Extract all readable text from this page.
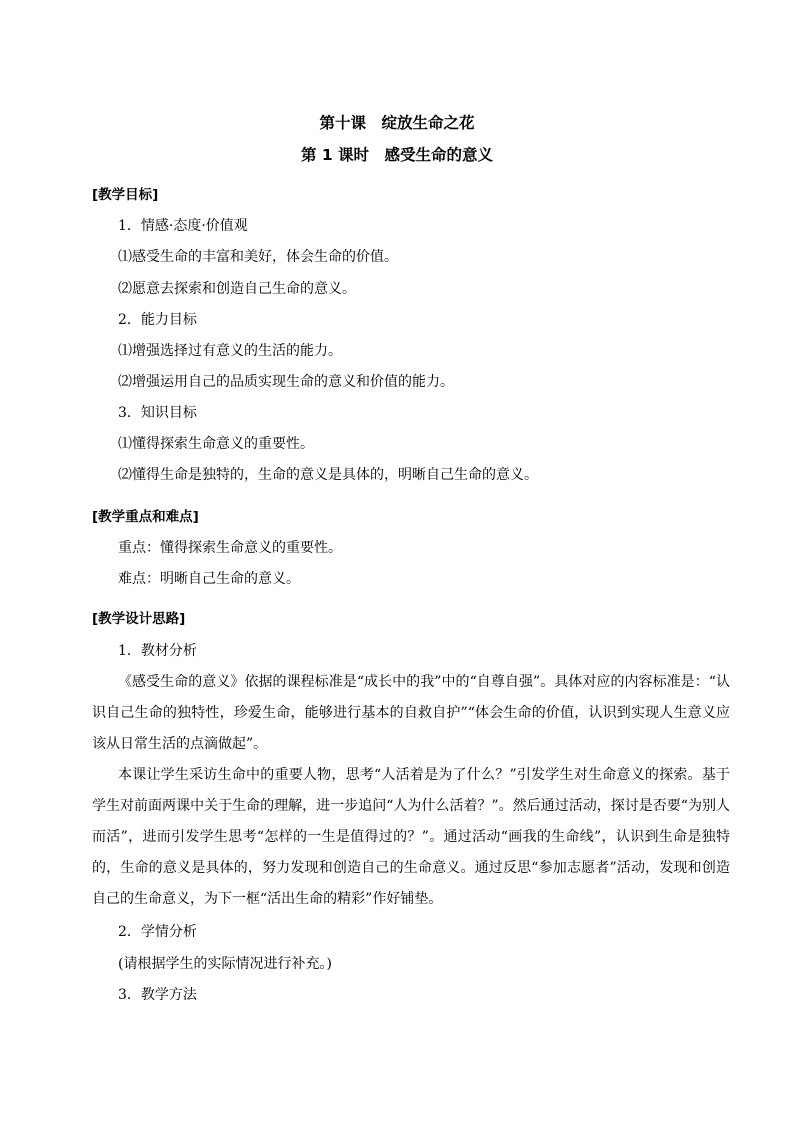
第十课　绽放生命之花
第 1 课时　感受生命的意义
[教学目标]
1．情感·态度·价值观
⑴感受生命的丰富和美好，体会生命的价值。
⑵愿意去探索和创造自己生命的意义。
2．能力目标
⑴增强选择过有意义的生活的能力。
⑵增强运用自己的品质实现生命的意义和价值的能力。
3．知识目标
⑴懂得探索生命意义的重要性。
⑵懂得生命是独特的，生命的意义是具体的，明晰自己生命的意义。
[教学重点和难点]
重点：懂得探索生命意义的重要性。
难点：明晰自己生命的意义。
[教学设计思路]
1．教材分析
《感受生命的意义》依据的课程标准是“成长中的我”中的“自尊自强”。具体对应的内容标准是：“认识自己生命的独特性，珍爱生命，能够进行基本的自救自护”“体会生命的价值，认识到实现人生意义应该从日常生活的点滴做起”。
本课让学生采访生命中的重要人物，思考“人活着是为了什么？”引发学生对生命意义的探索。基于学生对前面两课中关于生命的理解，进一步追问“人为什么活着？”。然后通过活动，探讨是否要“为别人而活”，进而引发学生思考“怎样的一生是值得过的？”。通过活动“画我的生命线”，认识到生命是独特的，生命的意义是具体的，努力发现和创造自己的生命意义。通过反思“参加志愿者”活动，发现和创造自己的生命意义，为下一框“活出生命的精彩”作好铺垫。
2．学情分析
(请根据学生的实际情况进行补充。)
3．教学方法
